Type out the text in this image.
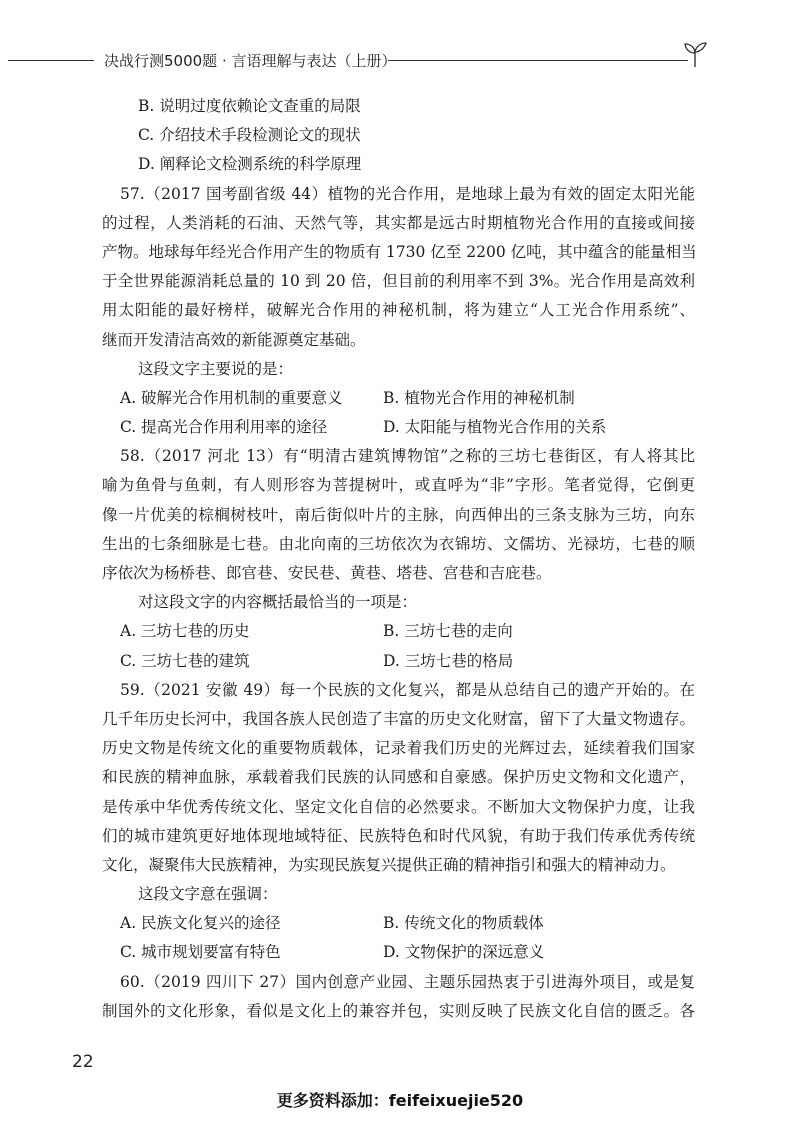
决战行测5000题 · 言语理解与表达（上册）
B. 说明过度依赖论文查重的局限
C. 介绍技术手段检测论文的现状
D. 阐释论文检测系统的科学原理
57.（2017 国考副省级 44）植物的光合作用，是地球上最为有效的固定太阳光能
的过程，人类消耗的石油、天然气等，其实都是远古时期植物光合作用的直接或间接
产物。地球每年经光合作用产生的物质有 1730 亿至 2200 亿吨，其中蕴含的能量相当
于全世界能源消耗总量的 10 到 20 倍，但目前的利用率不到 3%。光合作用是高效利
用太阳能的最好榜样，破解光合作用的神秘机制，将为建立“人工光合作用系统”、
继而开发清洁高效的新能源奠定基础。
这段文字主要说的是：
A. 破解光合作用机制的重要意义	B. 植物光合作用的神秘机制
C. 提高光合作用利用率的途径	D. 太阳能与植物光合作用的关系
58.（2017 河北 13）有“明清古建筑博物馆”之称的三坊七巷街区，有人将其比
喻为鱼骨与鱼刺，有人则形容为菩提树叶，或直呼为“非”字形。笔者觉得，它倒更
像一片优美的棕榈树枝叶，南后街似叶片的主脉，向西伸出的三条支脉为三坊，向东
生出的七条细脉是七巷。由北向南的三坊依次为衣锦坊、文儒坊、光禄坊，七巷的顺
序依次为杨桥巷、郎官巷、安民巷、黄巷、塔巷、宫巷和吉庇巷。
对这段文字的内容概括最恰当的一项是：
A. 三坊七巷的历史	B. 三坊七巷的走向
C. 三坊七巷的建筑	D. 三坊七巷的格局
59.（2021 安徽 49）每一个民族的文化复兴，都是从总结自己的遗产开始的。在
几千年历史长河中，我国各族人民创造了丰富的历史文化财富，留下了大量文物遗存。
历史文物是传统文化的重要物质载体，记录着我们历史的光辉过去，延续着我们国家
和民族的精神血脉，承载着我们民族的认同感和自豪感。保护历史文物和文化遗产，
是传承中华优秀传统文化、坚定文化自信的必然要求。不断加大文物保护力度，让我
们的城市建筑更好地体现地域特征、民族特色和时代风貌，有助于我们传承优秀传统
文化，凝聚伟大民族精神，为实现民族复兴提供正确的精神指引和强大的精神动力。
这段文字意在强调：
A. 民族文化复兴的途径	B. 传统文化的物质载体
C. 城市规划要富有特色	D. 文物保护的深远意义
60.（2019 四川下 27）国内创意产业园、主题乐园热衷于引进海外项目，或是复
制国外的文化形象，看似是文化上的兼容并包，实则反映了民族文化自信的匮乏。各
22
更多资料添加：feifeixuejie520
